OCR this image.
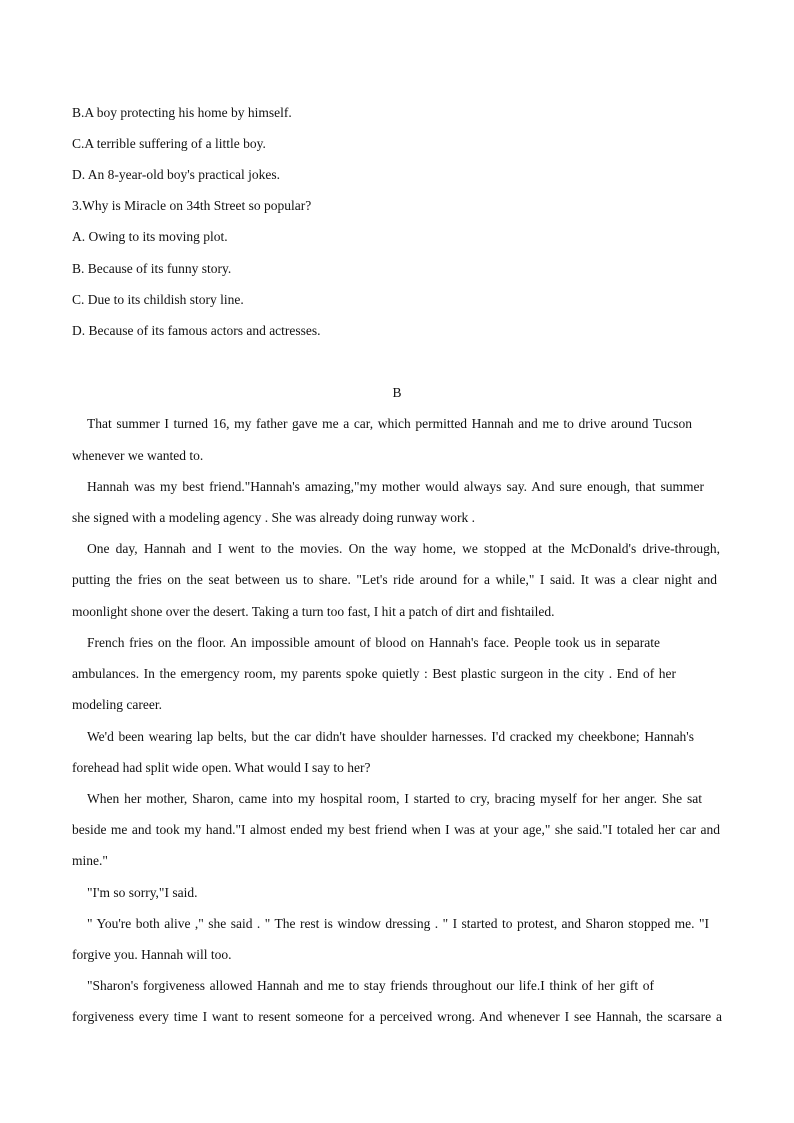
B.A boy protecting his home by himself.
C.A terrible suffering of a little boy.
D. An 8-year-old boy's practical jokes.
3.Why is Miracle on 34th Street so popular?
A. Owing to its moving plot.
B. Because of its funny story.
C. Due to its childish story line.
D. Because of its famous actors and actresses.
B
That summer I turned 16, my father gave me a car, which permitted Hannah and me to drive around Tucson
whenever we wanted to.
Hannah was my best friend."Hannah's amazing,"my mother would always say. And sure enough, that summer
she signed with a modeling agency . She was already doing runway work .
One day, Hannah and I went to the movies. On the way home, we stopped at the McDonald's drive-through,
putting the fries on the seat between us to share. "Let's ride around for a while," I said. It was a clear night and
moonlight shone over the desert. Taking a turn too fast, I hit a patch of dirt and fishtailed.
French fries on the floor. An impossible amount of blood on Hannah's face. People took us in separate
ambulances. In the emergency room, my parents spoke quietly : Best plastic surgeon in the city . End of her
modeling career.
We'd been wearing lap belts, but the car didn't have shoulder harnesses. I'd cracked my cheekbone; Hannah's
forehead had split wide open. What would I say to her?
When her mother, Sharon, came into my hospital room, I started to cry, bracing myself for her anger. She sat
beside me and took my hand."I almost ended my best friend when I was at your age," she said."I totaled her car and
mine."
"I'm so sorry,"I said.
" You're both alive ," she said . " The rest is window dressing . " I started to protest, and Sharon stopped me. "I
forgive you. Hannah will too.
"Sharon's forgiveness allowed Hannah and me to stay friends throughout our life.I think of her gift of
forgiveness every time I want to resent someone for a perceived wrong. And whenever I see Hannah, the scarsare a
